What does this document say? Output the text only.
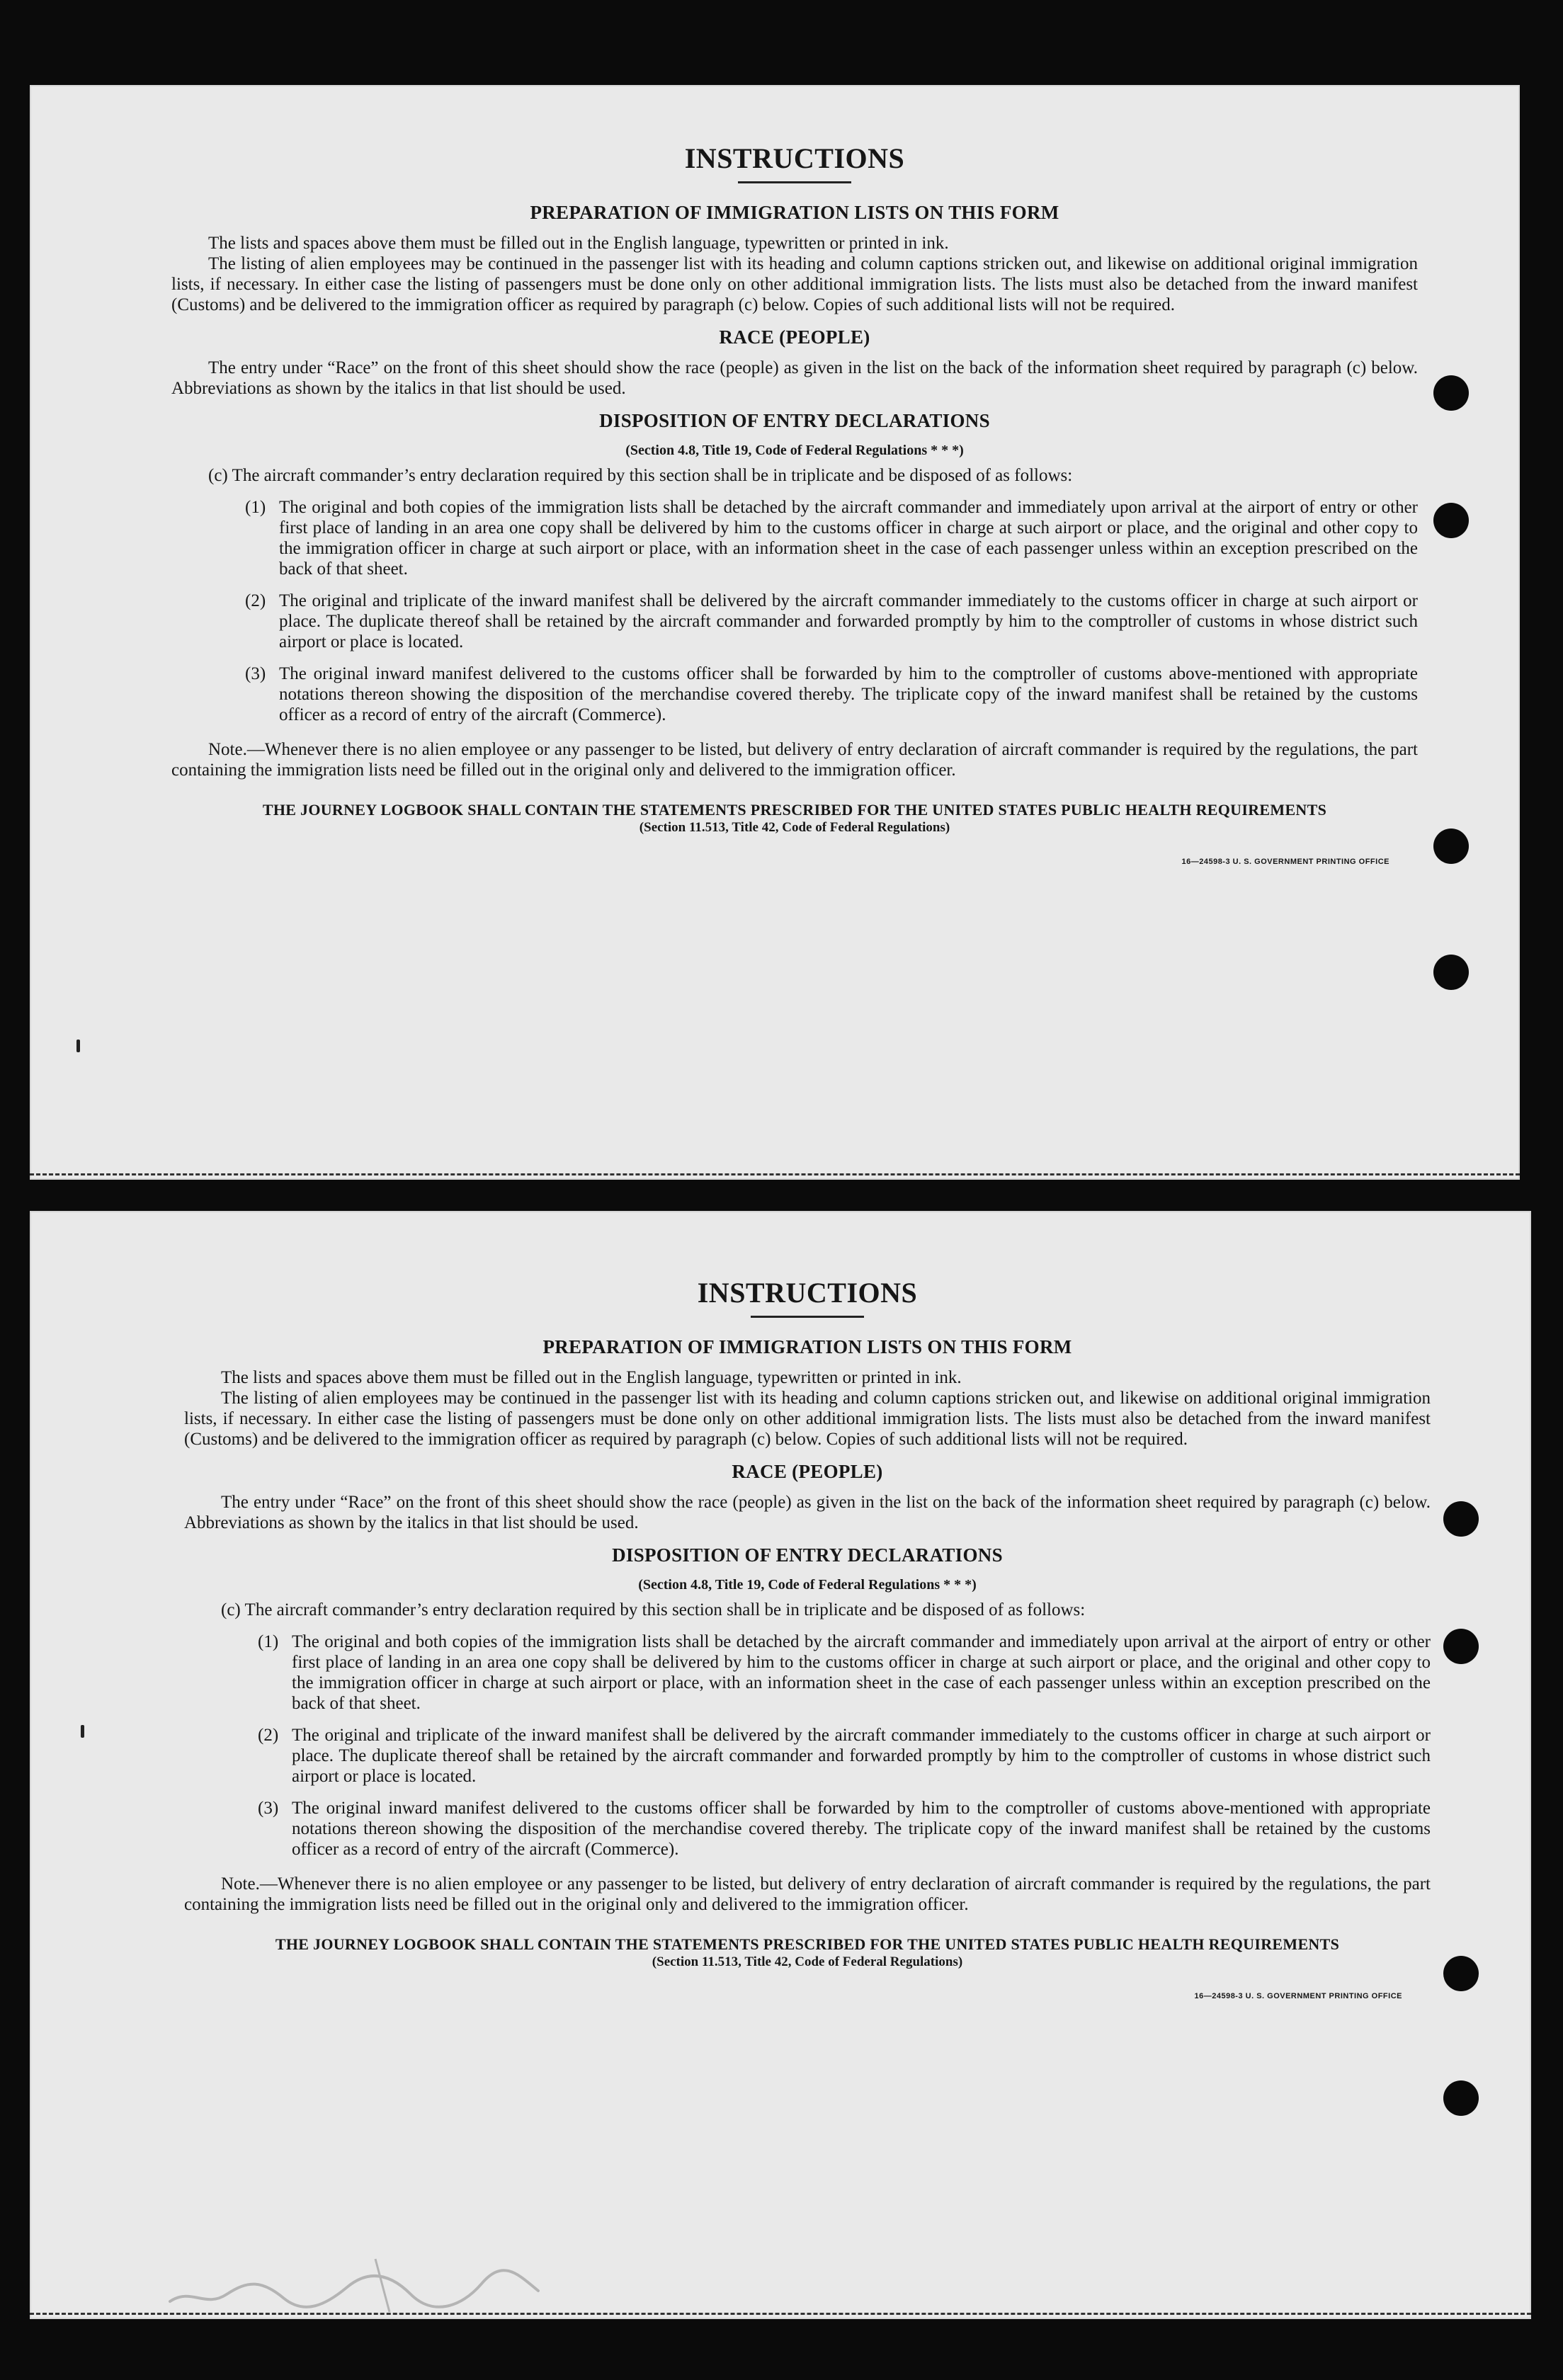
INSTRUCTIONS
PREPARATION OF IMMIGRATION LISTS ON THIS FORM

The lists and spaces above them must be filled out in the English language, typewritten or printed in ink.

The listing of alien employees may be continued in the passenger list with its heading and column captions stricken out, and likewise on additional original immigration lists, if necessary. In either case the listing of passengers must be done only on other additional immigration lists. The lists must also be detached from the inward manifest (Customs) and be delivered to the immigration officer as required by paragraph (c) below. Copies of such additional lists will not be required.

RACE (PEOPLE)

The entry under “Race” on the front of this sheet should show the race (people) as given in the list on the back of the information sheet required by paragraph (c) below. Abbreviations as shown by the italics in that list should be used.

DISPOSITION OF ENTRY DECLARATIONS
(Section 4.8, Title 19, Code of Federal Regulations * * *)

(c) The aircraft commander’s entry declaration required by this section shall be in triplicate and be disposed of as follows:

(1) The original and both copies of the immigration lists shall be detached by the aircraft commander and immediately upon arrival at the airport of entry or other first place of landing in an area one copy shall be delivered by him to the customs officer in charge at such airport or place, and the original and other copy to the immigration officer in charge at such airport or place, with an information sheet in the case of each passenger unless within an exception prescribed on the back of that sheet.

(2) The original and triplicate of the inward manifest shall be delivered by the aircraft commander immediately to the customs officer in charge at such airport or place. The duplicate thereof shall be retained by the aircraft commander and forwarded promptly by him to the comptroller of customs in whose district such airport or place is located.

(3) The original inward manifest delivered to the customs officer shall be forwarded by him to the comptroller of customs above-mentioned with appropriate notations thereon showing the disposition of the merchandise covered thereby. The triplicate copy of the inward manifest shall be retained by the customs officer as a record of entry of the aircraft (Commerce).

Note.—Whenever there is no alien employee or any passenger to be listed, but delivery of entry declaration of aircraft commander is required by the regulations, the part containing the immigration lists need be filled out in the original only and delivered to the immigration officer.

THE JOURNEY LOGBOOK SHALL CONTAIN THE STATEMENTS PRESCRIBED FOR THE UNITED STATES PUBLIC HEALTH REQUIREMENTS
(Section 11.513, Title 42, Code of Federal Regulations)
16—24598-3 U. S. GOVERNMENT PRINTING OFFICE
INSTRUCTIONS
PREPARATION OF IMMIGRATION LISTS ON THIS FORM

The lists and spaces above them must be filled out in the English language, typewritten or printed in ink.

The listing of alien employees may be continued in the passenger list with its heading and column captions stricken out, and likewise on additional original immigration lists, if necessary. In either case the listing of passengers must be done only on other additional immigration lists. The lists must also be detached from the inward manifest (Customs) and be delivered to the immigration officer as required by paragraph (c) below. Copies of such additional lists will not be required.

RACE (PEOPLE)

The entry under “Race” on the front of this sheet should show the race (people) as given in the list on the back of the information sheet required by paragraph (c) below. Abbreviations as shown by the italics in that list should be used.

DISPOSITION OF ENTRY DECLARATIONS
(Section 4.8, Title 19, Code of Federal Regulations * * *)

(c) The aircraft commander’s entry declaration required by this section shall be in triplicate and be disposed of as follows:

(1) The original and both copies of the immigration lists shall be detached by the aircraft commander and immediately upon arrival at the airport of entry or other first place of landing in an area one copy shall be delivered by him to the customs officer in charge at such airport or place, and the original and other copy to the immigration officer in charge at such airport or place, with an information sheet in the case of each passenger unless within an exception prescribed on the back of that sheet.

(2) The original and triplicate of the inward manifest shall be delivered by the aircraft commander immediately to the customs officer in charge at such airport or place. The duplicate thereof shall be retained by the aircraft commander and forwarded promptly by him to the comptroller of customs in whose district such airport or place is located.

(3) The original inward manifest delivered to the customs officer shall be forwarded by him to the comptroller of customs above-mentioned with appropriate notations thereon showing the disposition of the merchandise covered thereby. The triplicate copy of the inward manifest shall be retained by the customs officer as a record of entry of the aircraft (Commerce).

Note.—Whenever there is no alien employee or any passenger to be listed, but delivery of entry declaration of aircraft commander is required by the regulations, the part containing the immigration lists need be filled out in the original only and delivered to the immigration officer.

THE JOURNEY LOGBOOK SHALL CONTAIN THE STATEMENTS PRESCRIBED FOR THE UNITED STATES PUBLIC HEALTH REQUIREMENTS
(Section 11.513, Title 42, Code of Federal Regulations)
16—24598-3 U. S. GOVERNMENT PRINTING OFFICE
